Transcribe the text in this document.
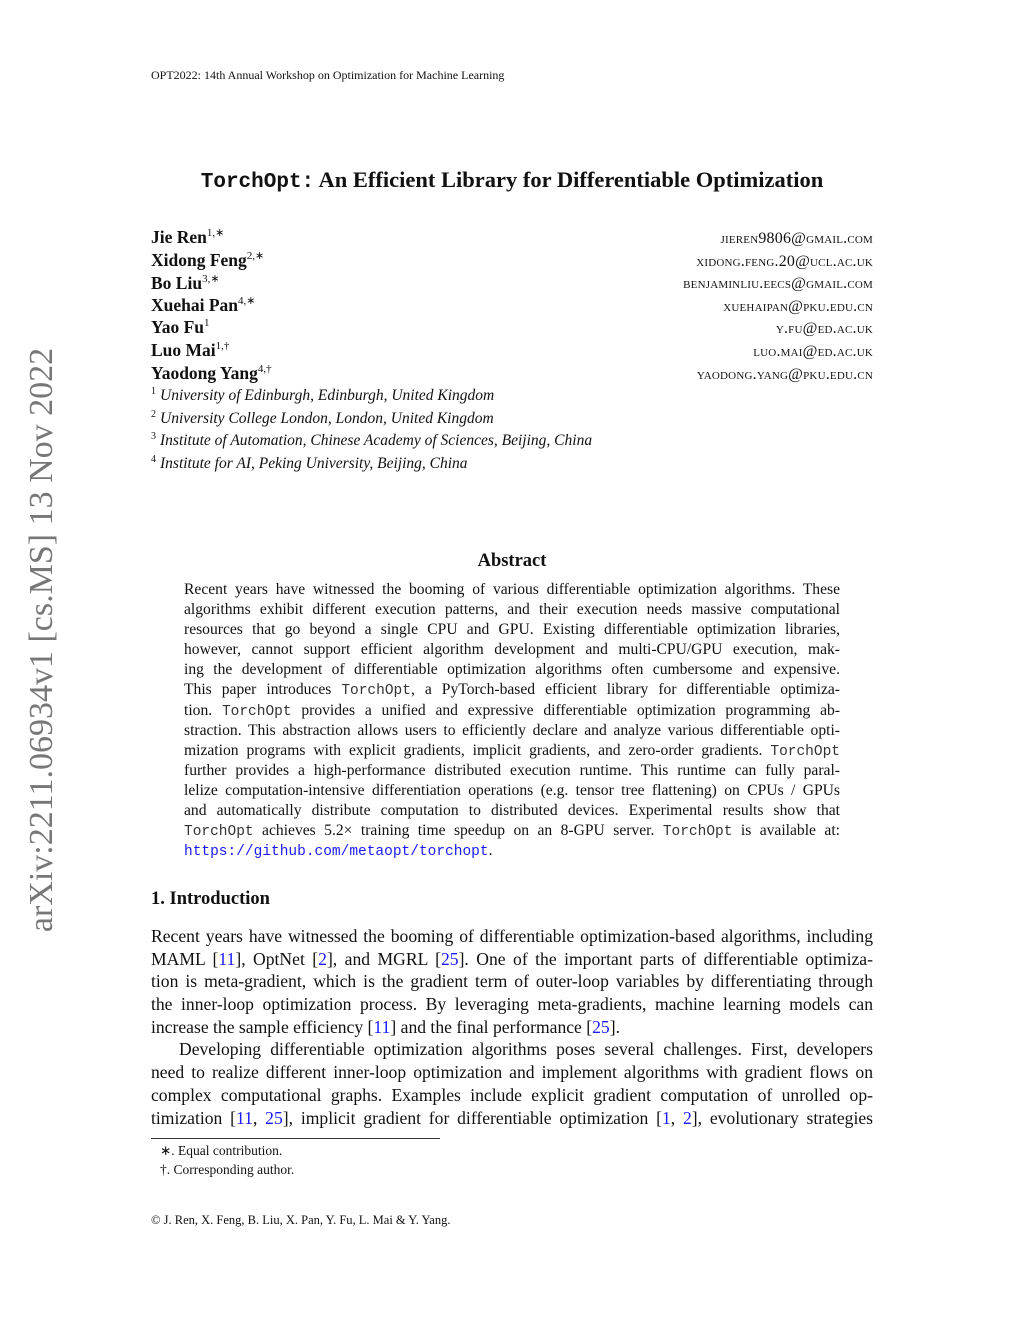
OPT2022: 14th Annual Workshop on Optimization for Machine Learning
arXiv:2211.06934v1 [cs.MS] 13 Nov 2022
TorchOpt: An Efficient Library for Differentiable Optimization
Jie Ren$^{1,∗}$	jieren9806@gmail.com
Xidong Feng$^{2,∗}$	xidong.feng.20@ucl.ac.uk
Bo Liu$^{3,∗}$	benjaminliu.eecs@gmail.com
Xuehai Pan$^{4,∗}$	xuehaipan@pku.edu.cn
Yao Fu$^1$	y.fu@ed.ac.uk
Luo Mai$^{1,\dagger}$	luo.mai@ed.ac.uk
Yaodong Yang$^{4,\dagger}$	yaodong.yang@pku.edu.cn
$^1$ University of Edinburgh, Edinburgh, United Kingdom
$^2$ University College London, London, United Kingdom
$^3$ Institute of Automation, Chinese Academy of Sciences, Beijing, China
$^4$ Institute for AI, Peking University, Beijing, China
Abstract
Recent years have witnessed the booming of various differentiable optimization algorithms. These
algorithms exhibit different execution patterns, and their execution needs massive computational
resources that go beyond a single CPU and GPU. Existing differentiable optimization libraries,
however, cannot support efficient algorithm development and multi-CPU/GPU execution, mak-
ing the development of differentiable optimization algorithms often cumbersome and expensive.
This paper introduces TorchOpt, a PyTorch-based efficient library for differentiable optimiza-
tion. TorchOpt provides a unified and expressive differentiable optimization programming ab-
straction. This abstraction allows users to efficiently declare and analyze various differentiable opti-
mization programs with explicit gradients, implicit gradients, and zero-order gradients. TorchOpt
further provides a high-performance distributed execution runtime. This runtime can fully paral-
lelize computation-intensive differentiation operations (e.g. tensor tree flattening) on CPUs / GPUs
and automatically distribute computation to distributed devices. Experimental results show that
TorchOpt achieves 5.2× training time speedup on an 8-GPU server. TorchOpt is available at:
https://github.com/metaopt/torchopt.
1. Introduction
Recent years have witnessed the booming of differentiable optimization-based algorithms, including
MAML [11], OptNet [2], and MGRL [25]. One of the important parts of differentiable optimiza-
tion is meta-gradient, which is the gradient term of outer-loop variables by differentiating through
the inner-loop optimization process. By leveraging meta-gradients, machine learning models can
increase the sample efficiency [11] and the final performance [25].
Developing differentiable optimization algorithms poses several challenges. First, developers
need to realize different inner-loop optimization and implement algorithms with gradient flows on
complex computational graphs. Examples include explicit gradient computation of unrolled op-
timization [11, 25], implicit gradient for differentiable optimization [1, 2], evolutionary strategies
∗. Equal contribution.
†. Corresponding author.
© J. Ren, X. Feng, B. Liu, X. Pan, Y. Fu, L. Mai & Y. Yang.
